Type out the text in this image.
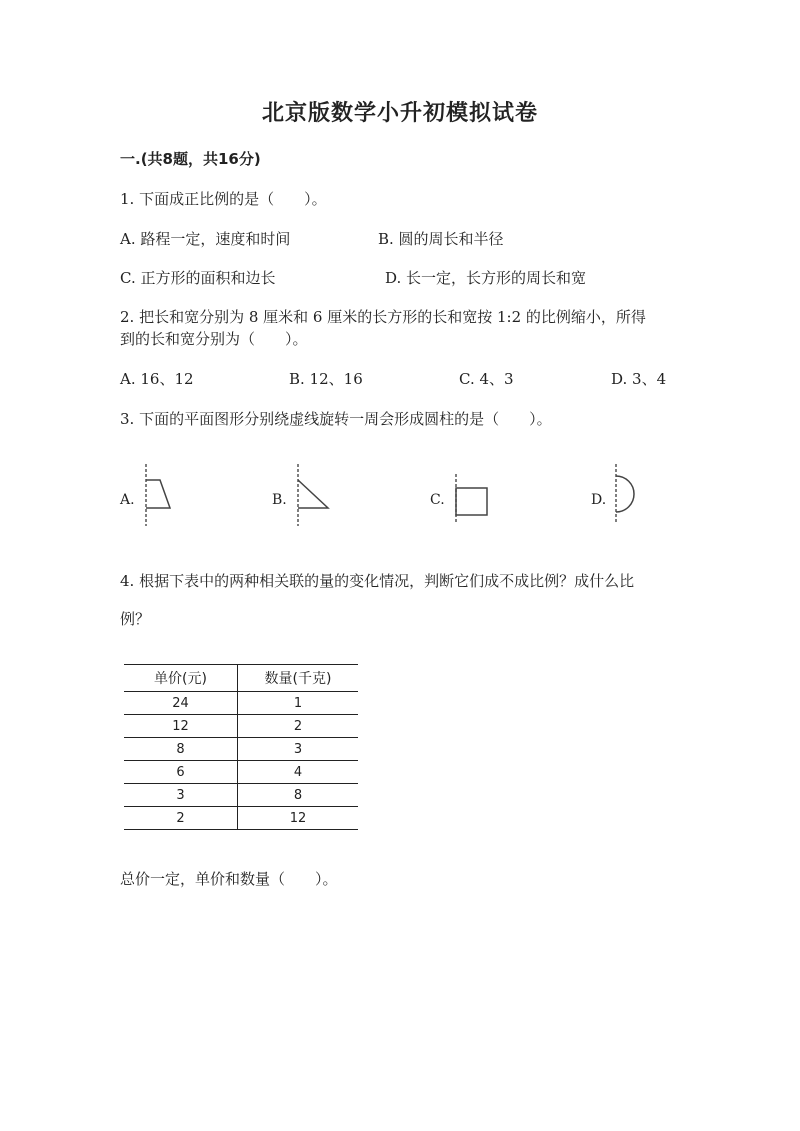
北京版数学小升初模拟试卷
一.(共8题，共16分)
1. 下面成正比例的是（　　）。
A. 路程一定，速度和时间	B. 圆的周长和半径
C. 正方形的面积和边长	D. 长一定，长方形的周长和宽
2. 把长和宽分别为 8 厘米和 6 厘米的长方形的长和宽按 1:2 的比例缩小，所得
到的长和宽分别为（　　）。
A. 16、12	B. 12、16	C. 4、3	D. 3、4
3. 下面的平面图形分别绕虚线旋转一周会形成圆柱的是（　　）。
A.	B.	C.	D.
4. 根据下表中的两种相关联的量的变化情况，判断它们成不成比例？成什么比
例？
单价(元)	数量(千克)
24	1
12	2
8	3
6	4
3	8
2	12
总价一定，单价和数量（　　）。
